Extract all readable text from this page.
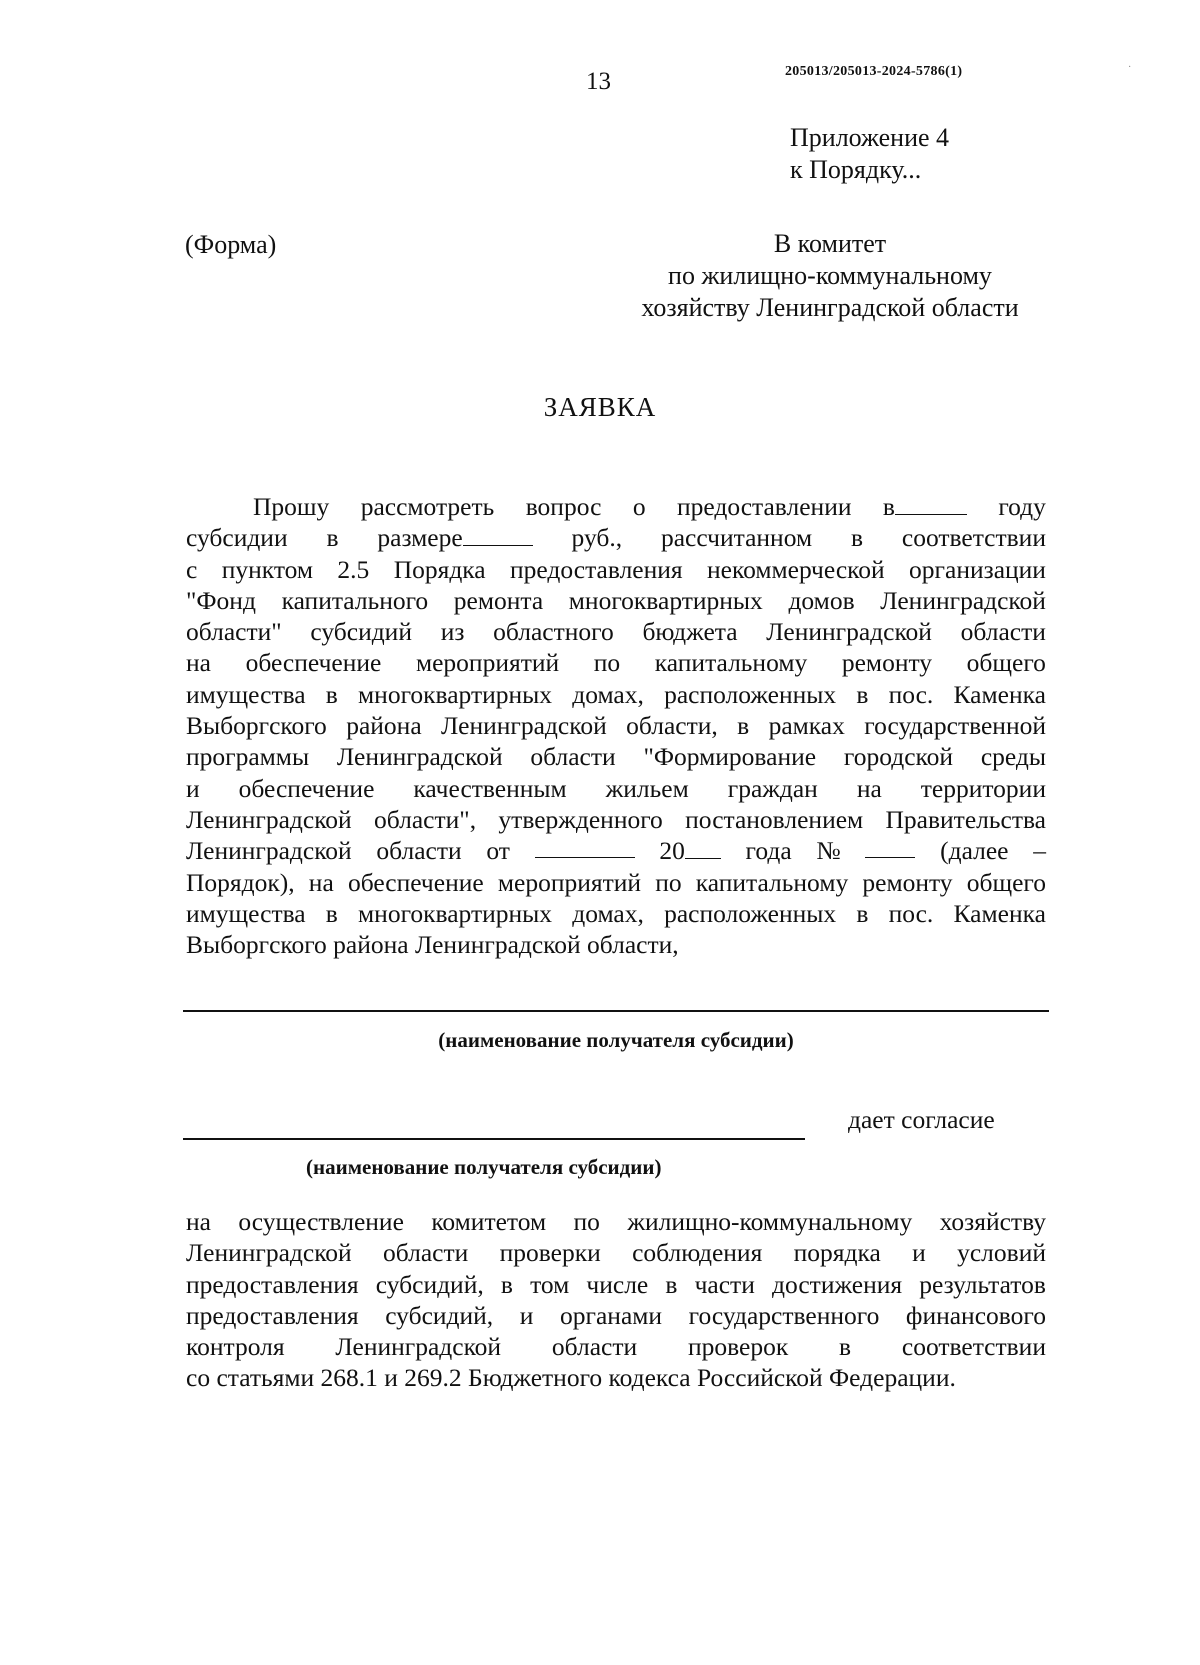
13	205013/205013-2024-5786(1)	·
Приложение 4
к Порядку...
(Форма)	В комитет
по жилищно-коммунальному
хозяйству Ленинградской области
ЗАЯВКА
Прошу рассмотреть вопрос о предоставлении в	году
субсидии в размере	руб., рассчитанном в соответствии
с пунктом 2.5 Порядка предоставления некоммерческой организации
"Фонд капитального ремонта многоквартирных домов Ленинградской
области" субсидий из областного бюджета Ленинградской области
на обеспечение мероприятий по капитальному ремонту общего
имущества в многоквартирных домах, расположенных в пос. Каменка
Выборгского района Ленинградской области, в рамках государственной
программы Ленинградской области "Формирование городской среды
и обеспечение качественным жильем граждан на территории
Ленинградской области", утвержденного постановлением Правительства
Ленинградской области от	20	года №	(далее –
Порядок), на обеспечение мероприятий по капитальному ремонту общего
имущества в многоквартирных домах, расположенных в пос. Каменка
Выборгского района Ленинградской области,
(наименование получателя субсидии)
дает согласие
(наименование получателя субсидии)
на осуществление комитетом по жилищно-коммунальному хозяйству
Ленинградской области проверки соблюдения порядка и условий
предоставления субсидий, в том числе в части достижения результатов
предоставления субсидий, и органами государственного финансового
контроля Ленинградской области проверок в соответствии
со статьями 268.1 и 269.2 Бюджетного кодекса Российской Федерации.
